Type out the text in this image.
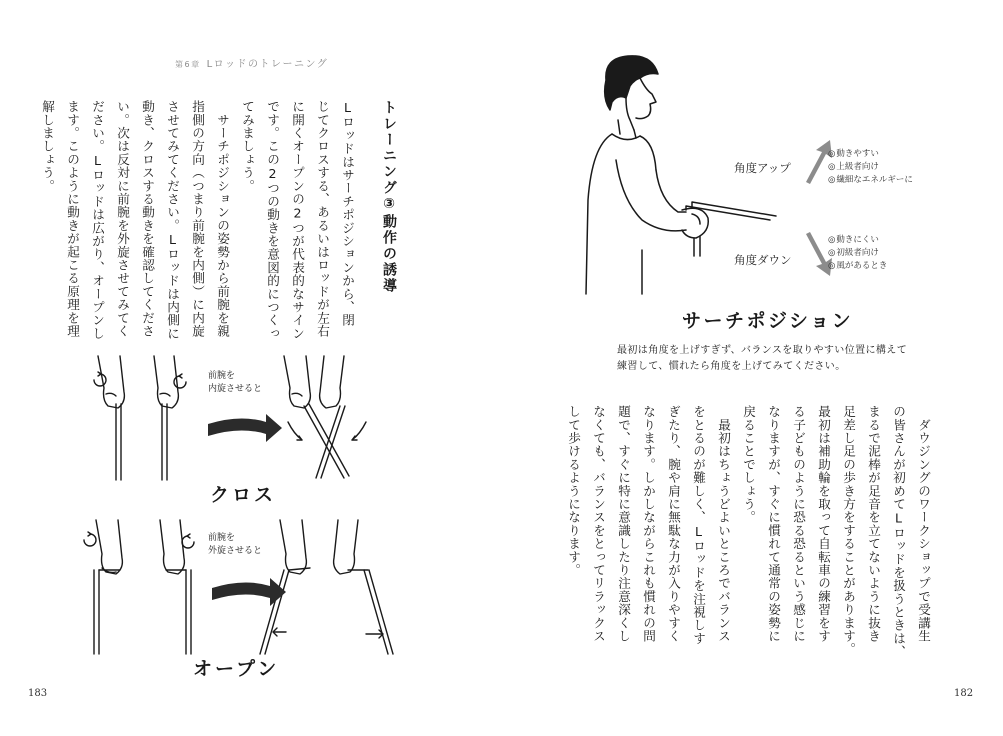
第6章 Lロッドのトレーニング
トレーニング③動作の誘導
Lロッドはサーチポジションから、閉
じてクロスする、あるいはロッドが左右
に開くオープンの2つが代表的なサイン
です。この2つの動きを意図的につくっ
てみましょう。
　サーチポジションの姿勢から前腕を親
指側の方向（つまり前腕を内側）に内旋
させてみてください。Lロッドは内側に
動き、クロスする動きを確認してくださ
い。次は反対に前腕を外旋させてみてく
ださい。Lロッドは広がり、オープンし
ます。このように動きが起こる原理を理
解しましょう。
前腕を
内旋させると
クロス
前腕を
外旋させると
オープン
183
角度アップ
◎ 動きやすい
◎ 上級者向け
◎ 繊細なエネルギーに
角度ダウン
◎ 動きにくい
◎ 初級者向け
◎ 風があるとき
サーチポジション
最初は角度を上げすぎず、バランスを取りやすい位置に構えて
練習して、慣れたら角度を上げてみてください。
　ダウジングのワークショップで受講生
の皆さんが初めてLロッドを扱うときは、
まるで泥棒が足音を立てないように抜き
足差し足の歩き方をすることがあります。
最初は補助輪を取って自転車の練習をす
る子どものように恐る恐るという感じに
なりますが、すぐに慣れて通常の姿勢に
戻ることでしょう。
　最初はちょうどよいところでバランス
をとるのが難しく、Lロッドを注視しす
ぎたり、腕や肩に無駄な力が入りやすく
なります。しかしながらこれも慣れの問
題で、すぐに特に意識したり注意深くし
なくても、バランスをとってリラックス
して歩けるようになります。
182
